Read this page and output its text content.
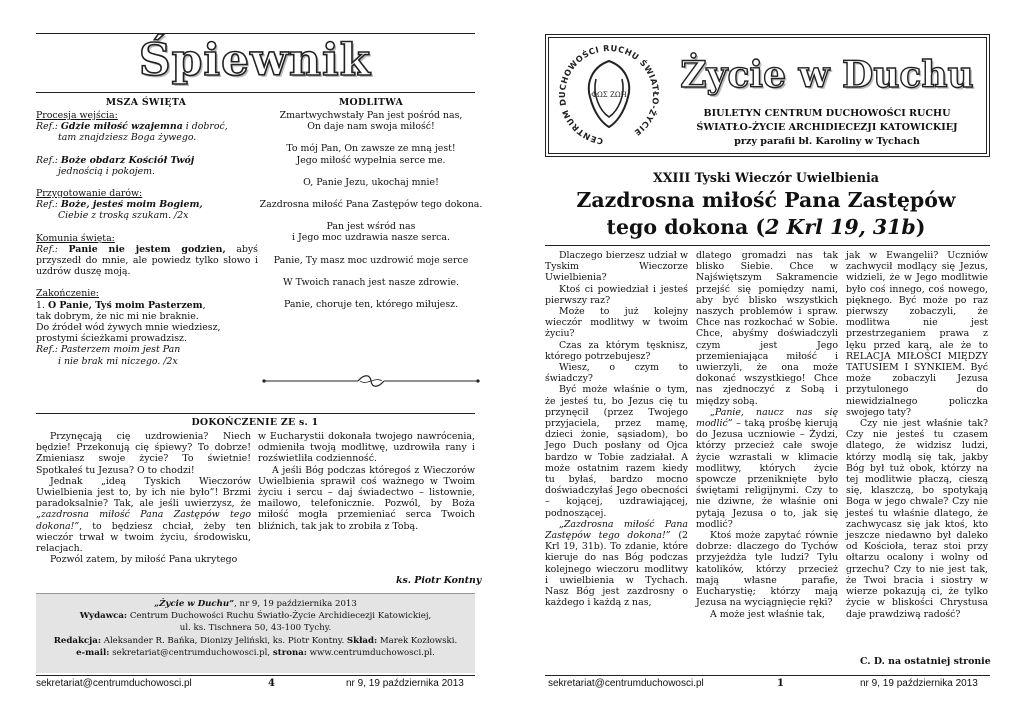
Śpiewnik
MSZA ŚWIĘTA

Procesja wejścia:

Ref.: Gdzie miłość wzajemna i dobroć,

tam znajdziesz Boga żywego.

Ref.: Boże obdarz Kościół Twój

jednością i pokojem.

Przygotowanie darów:

Ref.: Boże, jesteś moim Bogiem,

Ciebie z troską szukam. /2x

Komunia święta:

Ref.: Panie nie jestem godzien, abyś przyszedł do mnie, ale powiedz tylko słowo i uzdrów duszę moją.

Zakończenie:

1. O Panie, Tyś moim Pasterzem,

tak dobrym, że nic mi nie braknie.

Do źródeł wód żywych mnie wiedziesz,

prostymi ścieżkami prowadzisz.

Ref.: Pasterzem moim jest Pan

i nie brak mi niczego. /2x

MODLITWA

Zmartwychwstały Pan jest pośród nas,

On daje nam swoja miłość!

To mój Pan, On zawsze ze mną jest!

Jego miłość wypełnia serce me.

O, Panie Jezu, ukochaj mnie!

Zazdrosna miłość Pana Zastępów tego dokona.

Pan jest wśród nas

i Jego moc uzdrawia nasze serca.

Panie, Ty masz moc uzdrowić moje serce

W Twoich ranach jest nasze zdrowie.

Panie, choruje ten, którego miłujesz.

DOKOŃCZENIE ZE s. 1

Przynęcają cię uzdrowienia? Niech będzie! Przekonują cię śpiewy? To dobrze! Zmieniasz swoje życie? To świetnie! Spotkałeś tu Jezusa? O to chodzi!

Jednak „ideą Tyskich Wieczorów Uwielbienia jest to, by ich nie było”! Brzmi paradoksalnie? Tak, ale jeśli uwierzysz, że „zazdrosna miłość Pana Zastępów tego dokona!”, to będziesz chciał, żeby ten wieczór trwał w twoim życiu, środowisku, relacjach.

Pozwól zatem, by miłość Pana ukrytego

w Eucharystii dokonała twojego nawrócenia, odmieniła twoją modlitwę, uzdrowiła rany i rozświetliła codzienność.

A jeśli Bóg podczas któregoś z Wieczorów Uwielbienia sprawił coś ważnego w Twoim życiu i sercu – daj świadectwo – listownie, mailowo, telefonicznie. Pozwól, by Boża miłość mogła przemieniać serca Twoich bliźnich, tak jak to zrobiła z Tobą.

ks. Piotr Kontny
„Życie w Duchu”, nr 9, 19 października 2013
Wydawca: Centrum Duchowości Ruchu Światło-Życie Archidiecezji Katowickiej,
ul. ks. Tischnera 50, 43-100 Tychy.
Redakcja: Aleksander R. Bańka, Dionizy Jeliński, ks. Piotr Kontny. Skład: Marek Kozłowski.
e-mail: sekretariat@centrumduchowosci.pl, strona: www.centrumduchowosci.pl.
sekretariat@centrumduchowosci.pl	4	nr 9, 19 października 2013
CENTRUM DUCHOWOŚCI RUCHU ŚWIATŁO-ŻYCIE
ΦΩΣ ΖΩΗ	Życie w Duchu
BIULETYN CENTRUM DUCHOWOŚCI RUCHU
ŚWIATŁO-ŻYCIE ARCHIDIECEZJI KATOWICKIEJ
przy parafii bł. Karoliny w Tychach
XXIII Tyski Wieczór Uwielbienia
Zazdrosna miłość Pana Zastępów
tego dokona (2 Krl 19, 31b)

Dlaczego bierzesz udział w Tyskim Wieczorze Uwielbienia?

Ktoś ci powiedział i jesteś pierwszy raz?

Może to już kolejny wieczór modlitwy w twoim życiu?

Czas za którym tęsknisz, którego potrzebujesz?

Wiesz, o czym to świadczy?

Być może właśnie o tym, że jesteś tu, bo Jezus cię tu przynęcił (przez Twojego przyjaciela, przez mamę, dzieci żonie, sąsiadom), bo Jego Duch posłany od Ojca bardzo w Tobie zadziałał. A może ostatnim razem kiedy tu byłaś, bardzo mocno doświadczyłaś Jego obecności – kojącej, uzdrawiającej, podnoszącej.

„Zazdrosna miłość Pana Zastępów tego dokona!” (2 Krl 19, 31b). To zdanie, które kieruje do nas Bóg podczas kolejnego wieczoru modlitwy i uwielbienia w Tychach. Nasz Bóg jest zazdrosny o każdego i każdą z nas,

dlatego gromadzi nas tak blisko Siebie. Chce w Najświętszym Sakramencie przejść się pomiędzy nami, aby być blisko wszystkich naszych problemów i spraw. Chce nas rozkochać w Sobie. Chce, abyśmy doświadczyli czym jest Jego przemieniająca miłość i uwierzyli, że ona może dokonać wszystkiego! Chce nas zjednoczyć z Sobą i między sobą.

„Panie, naucz nas się modlić” – taką prośbę kierują do Jezusa uczniowie – Żydzi, którzy przecież całe swoje życie wzrastali w klimacie modlitwy, których życie spowcze przeniknięte było świętami religijnymi. Czy to nie dziwne, że właśnie oni pytają Jezusa o to, jak się modlić?

Ktoś może zapytać równie dobrze: dlaczego do Tychów przyjeżdża tyle ludzi? Tylu katolików, którzy przecież mają własne parafie, Eucharystię; którzy mają Jezusa na wyciągnięcie ręki?

A może jest właśnie tak,

jak w Ewangelii? Uczniów zachwycił modlący się Jezus, widzieli, że w Jego modlitwie było coś innego, coś nowego, pięknego. Być może po raz pierwszy zobaczyli, że modlitwa nie jest przestrzeganiem prawa z lęku przed karą, ale że to RELACJA MIŁOŚCI MIĘDZY TATUSIEM I SYNKIEM. Być może zobaczyli Jezusa przytulonego do niewidzialnego policzka swojego taty?

Czy nie jest właśnie tak? Czy nie jesteś tu czasem dlatego, że widzisz ludzi, którzy modlą się tak, jakby Bóg był tuż obok, którzy na tej modlitwie płaczą, cieszą się, klaszczą, bo spotykają Boga w jego chwale? Czy nie jesteś tu właśnie dlatego, że zachwycasz się jak ktoś, kto jeszcze niedawno był daleko od Kościoła, teraz stoi przy ołtarzu ocalony i wolny od grzechu? Czy to nie jest tak, że Twoi bracia i siostry w wierze pokazują ci, że tylko życie w bliskości Chrystusa daje prawdziwą radość?

C. D. na ostatniej stronie
sekretariat@centrumduchowosci.pl	1	nr 9, 19 października 2013
